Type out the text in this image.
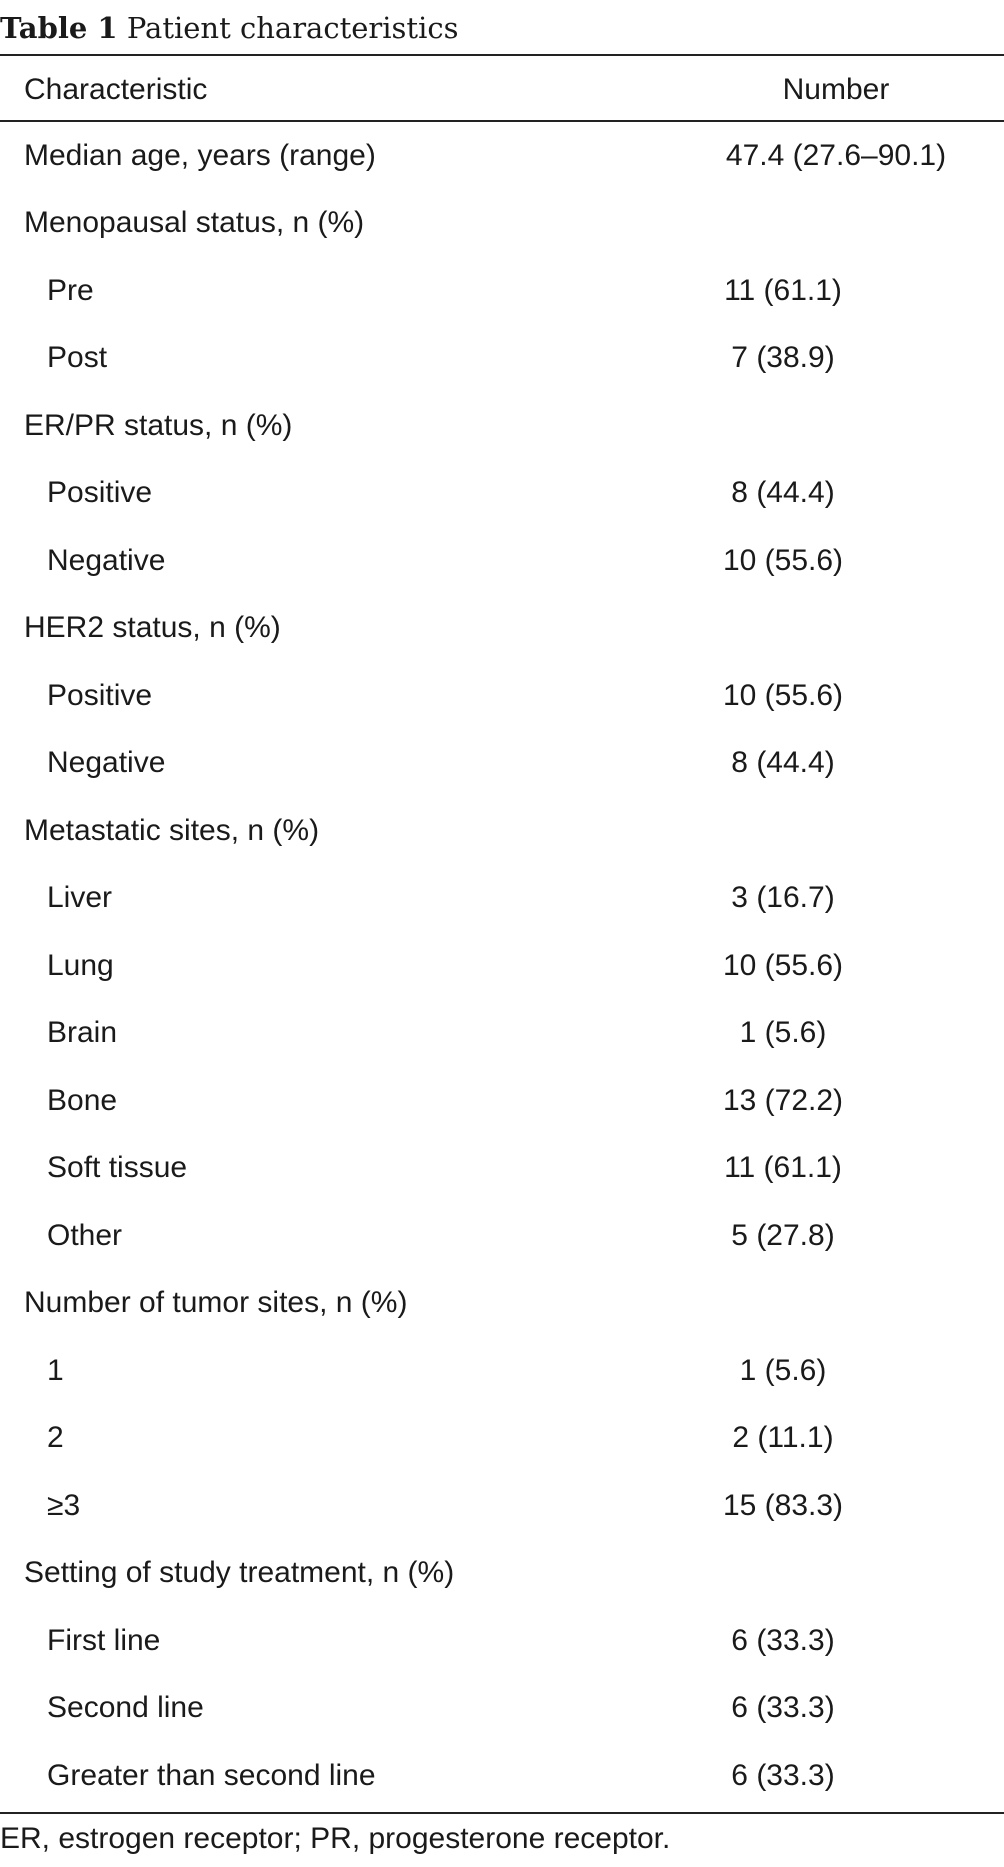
Table 1 Patient characteristics
Characteristic	Number
Median age, years (range)	47.4 (27.6–90.1)
Menopausal status, n (%)
Pre	11 (61.1)
Post	7 (38.9)
ER/PR status, n (%)
Positive	8 (44.4)
Negative	10 (55.6)
HER2 status, n (%)
Positive	10 (55.6)
Negative	8 (44.4)
Metastatic sites, n (%)
Liver	3 (16.7)
Lung	10 (55.6)
Brain	1 (5.6)
Bone	13 (72.2)
Soft tissue	11 (61.1)
Other	5 (27.8)
Number of tumor sites, n (%)
1	1 (5.6)
2	2 (11.1)
≥3	15 (83.3)
Setting of study treatment, n (%)
First line	6 (33.3)
Second line	6 (33.3)
Greater than second line	6 (33.3)
ER, estrogen receptor; PR, progesterone receptor.
